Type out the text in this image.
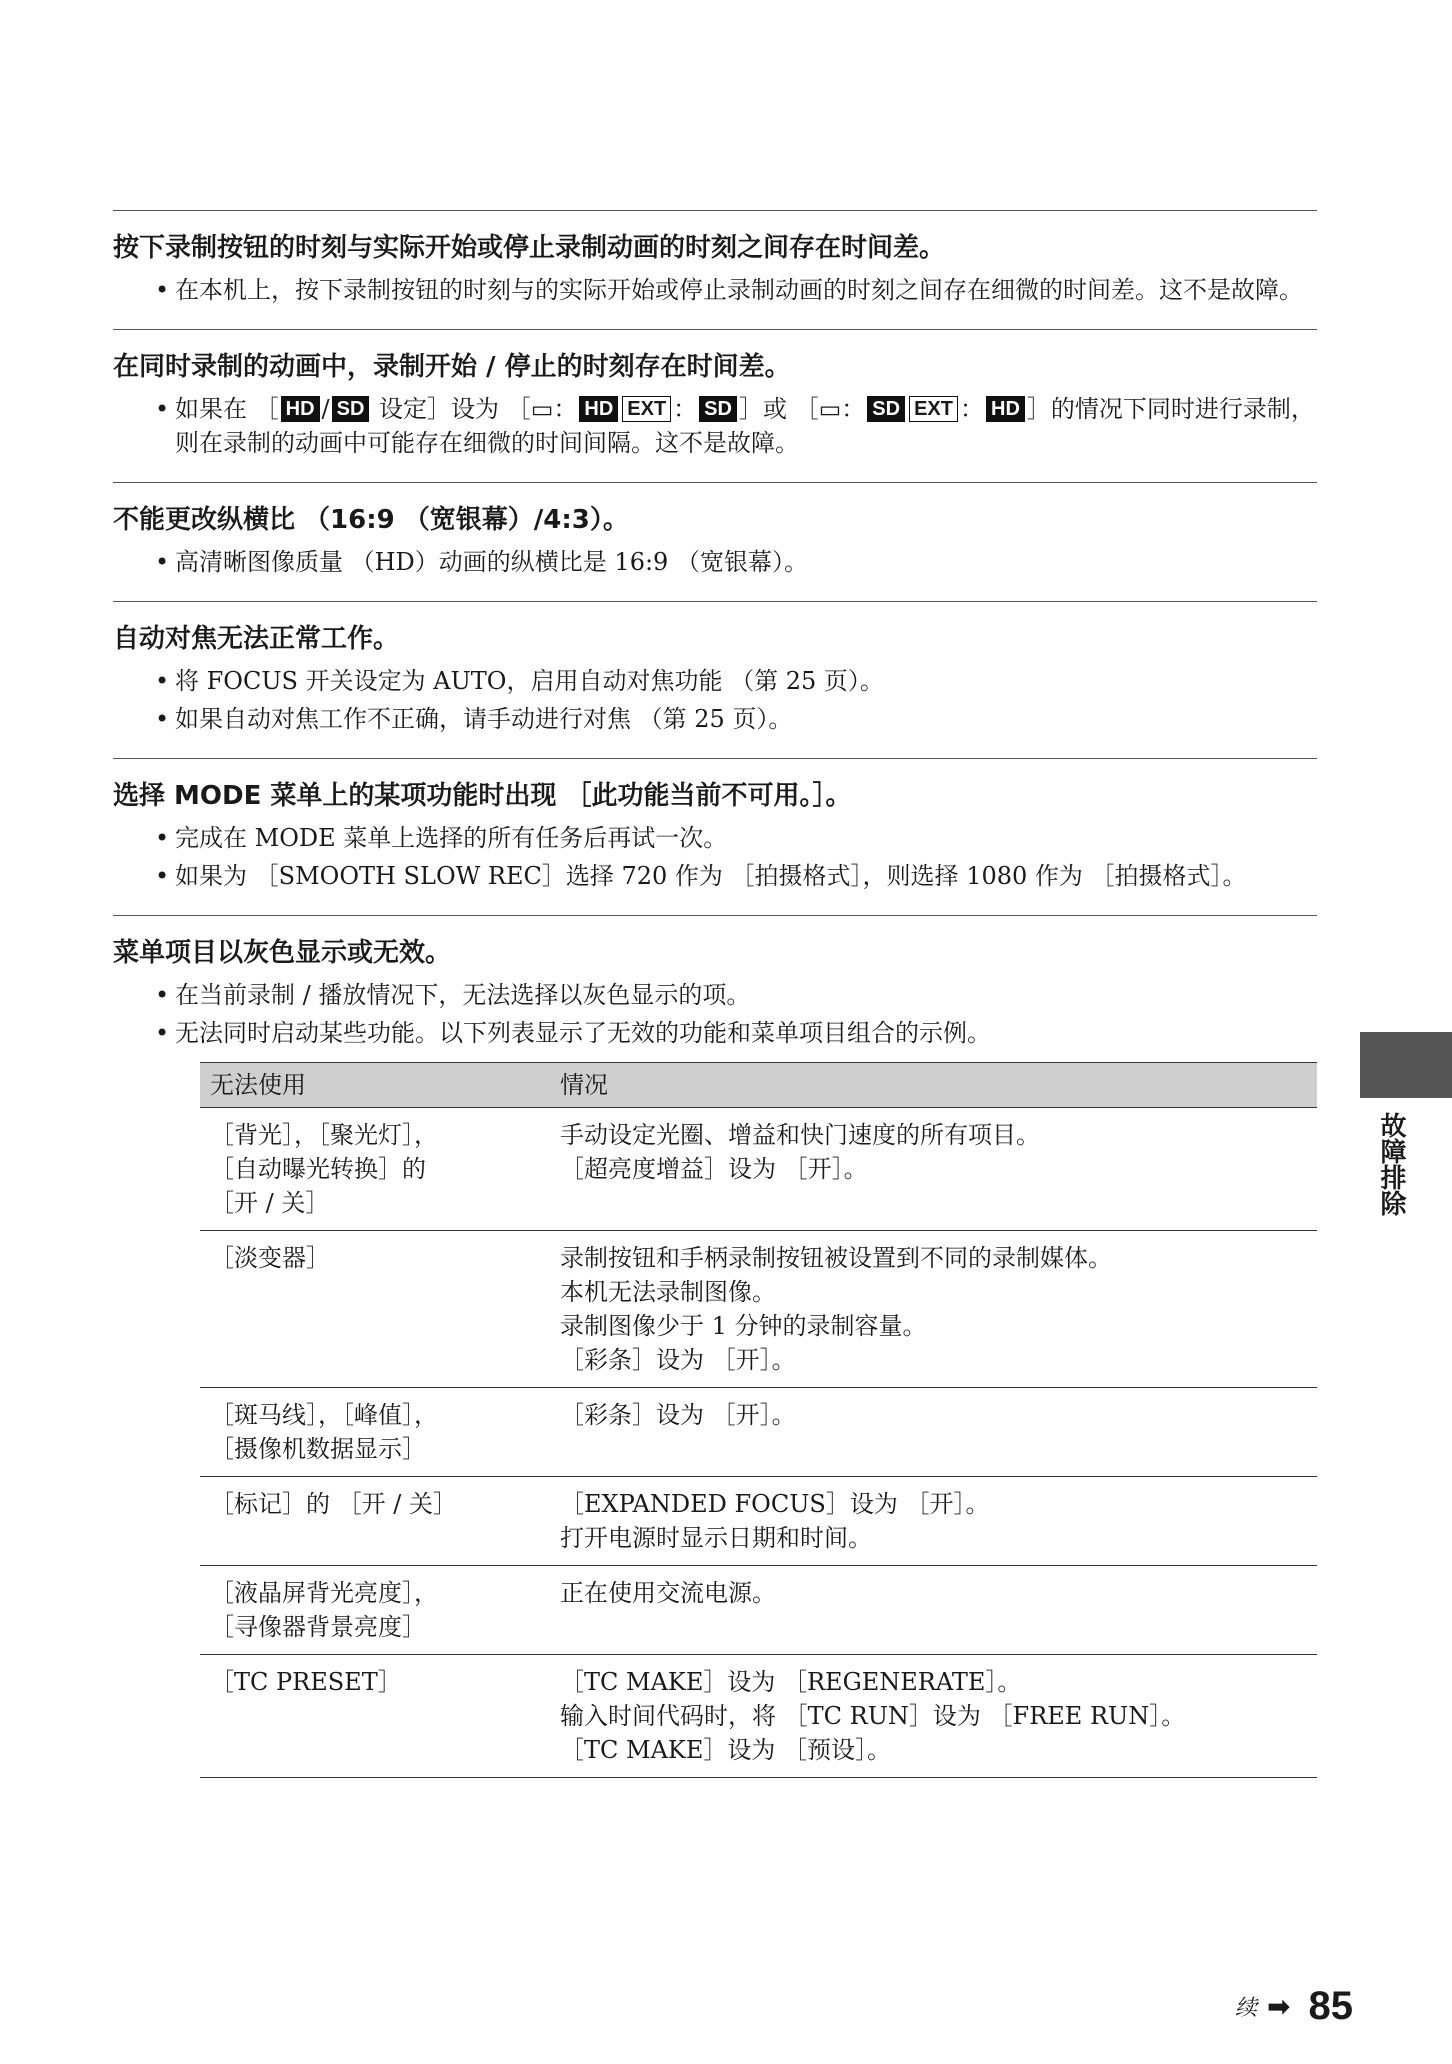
按下录制按钮的时刻与实际开始或停止录制动画的时刻之间存在时间差。

• 在本机上，按下录制按钮的时刻与的实际开始或停止录制动画的时刻之间存在细微的时间差。这不是故障。

在同时录制的动画中，录制开始 / 停止的时刻存在时间差。

• 如果在 ［ HD / SD 设定］设为 ［▭： HD EXT ： SD ］或 ［▭： SD EXT ： HD ］的情况下同时进行录制，则在录制的动画中可能存在细微的时间间隔。这不是故障。

不能更改纵横比 （16:9 （宽银幕）/4:3）。

• 高清晰图像质量 （HD）动画的纵横比是 16:9 （宽银幕）。

自动对焦无法正常工作。

• 将 FOCUS 开关设定为 AUTO，启用自动对焦功能 （第 25 页）。
• 如果自动对焦工作不正确，请手动进行对焦 （第 25 页）。

选择 MODE 菜单上的某项功能时出现 ［此功能当前不可用。］。

• 完成在 MODE 菜单上选择的所有任务后再试一次。
• 如果为 ［SMOOTH SLOW REC］选择 720 作为 ［拍摄格式］，则选择 1080 作为 ［拍摄格式］。

菜单项目以灰色显示或无效。

• 在当前录制 / 播放情况下，无法选择以灰色显示的项。
• 无法同时启动某些功能。以下列表显示了无效的功能和菜单项目组合的示例。
无法使用	情况

［背光］，［聚光灯］，
［自动曝光转换］的
［开 / 关］	手动设定光圈、增益和快门速度的所有项目。
［超亮度增益］设为 ［开］。

［淡变器］	录制按钮和手柄录制按钮被设置到不同的录制媒体。
本机无法录制图像。
录制图像少于 1 分钟的录制容量。
［彩条］设为 ［开］。

［斑马线］，［峰值］，
［摄像机数据显示］	［彩条］设为 ［开］。

［标记］的 ［开 / 关］	［EXPANDED FOCUS］设为 ［开］。
打开电源时显示日期和时间。

［液晶屏背光亮度］，
［寻像器背景亮度］	正在使用交流电源。

［TC PRESET］	［TC MAKE］设为 ［REGENERATE］。
输入时间代码时，将 ［TC RUN］设为 ［FREE RUN］。
［TC MAKE］设为 ［预设］。
故障排除
续 ➡ 85
